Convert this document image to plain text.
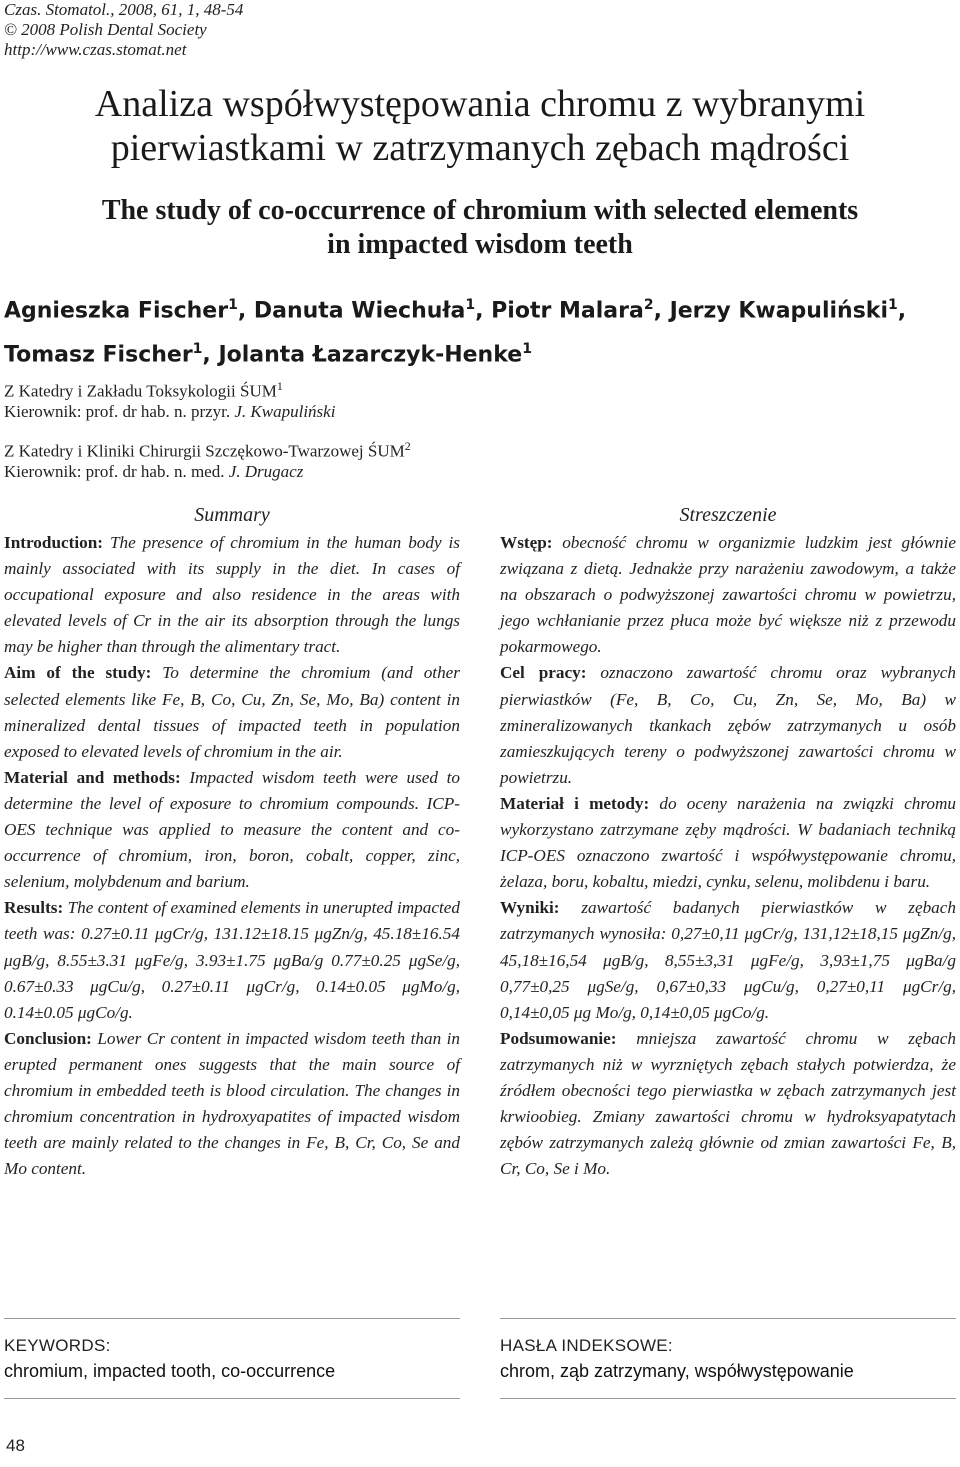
Czas. Stomatol., 2008, 61, 1, 48-54
© 2008 Polish Dental Society
http://www.czas.stomat.net
Analiza współwystępowania chromu z wybranymi
pierwiastkami w zatrzymanych zębach mądrości
The study of co-occurrence of chromium with selected elements
in impacted wisdom teeth
Agnieszka Fischer$^1$, Danuta Wiechuła$^1$, Piotr Malara$^2$, Jerzy Kwapuliński$^1$,
Tomasz Fischer$^1$, Jolanta Łazarczyk-Henke$^1$
Z Katedry i Zakładu Toksykologii ŚUM$^1$
Kierownik: prof. dr hab. n. przyr. J. Kwapuliński
Z Katedry i Kliniki Chirurgii Szczękowo-Twarzowej ŚUM$^2$
Kierownik: prof. dr hab. n. med. J. Drugacz
Summary

Introduction: The presence of chromium in the human body is mainly associated with its supply in the diet. In cases of occupational exposure and also residence in the areas with elevated levels of Cr in the air its absorption through the lungs may be higher than through the alimentary tract.

Aim of the study: To determine the chromium (and other selected elements like Fe, B, Co, Cu, Zn, Se, Mo, Ba) content in mineralized dental tissues of impacted teeth in population exposed to elevated levels of chromium in the air.

Material and methods: Impacted wisdom teeth were used to determine the level of exposure to chromium compounds. ICP-OES technique was applied to measure the content and co-occurrence of chromium, iron, boron, cobalt, copper, zinc, selenium, molybdenum and barium.

Results: The content of examined elements in unerupted impacted teeth was: 0.27±0.11 μgCr/g, 131.12±18.15 μgZn/g, 45.18±16.54 μgB/g, 8.55±3.31 μgFe/g, 3.93±1.75 μgBa/g 0.77±0.25 μgSe/g, 0.67±0.33 μgCu/g, 0.27±0.11 μgCr/g, 0.14±0.05 μgMo/g, 0.14±0.05 μgCo/g.

Conclusion: Lower Cr content in impacted wisdom teeth than in erupted permanent ones suggests that the main source of chromium in embedded teeth is blood circulation. The changes in chromium concentration in hydroxyapatites of impacted wisdom teeth are mainly related to the changes in Fe, B, Cr, Co, Se and Mo content.

Streszczenie

Wstęp: obecność chromu w organizmie ludzkim jest głównie związana z dietą. Jednakże przy narażeniu zawodowym, a także na obszarach o podwyższonej zawartości chromu w powietrzu, jego wchłanianie przez płuca może być większe niż z przewodu pokarmowego.

Cel pracy: oznaczono zawartość chromu oraz wybranych pierwiastków (Fe, B, Co, Cu, Zn, Se, Mo, Ba) w zmineralizowanych tkankach zębów zatrzymanych u osób zamieszkujących tereny o podwyższonej zawartości chromu w powietrzu.

Materiał i metody: do oceny narażenia na związki chromu wykorzystano zatrzymane zęby mądrości. W badaniach techniką ICP-OES oznaczono zwartość i współwystępowanie chromu, żelaza, boru, kobaltu, miedzi, cynku, selenu, molibdenu i baru.

Wyniki: zawartość badanych pierwiastków w zębach zatrzymanych wynosiła: 0,27±0,11 μgCr/g, 131,12±18,15 μgZn/g, 45,18±16,54 μgB/g, 8,55±3,31 μgFe/g, 3,93±1,75 μgBa/g 0,77±0,25 μgSe/g, 0,67±0,33 μgCu/g, 0,27±0,11 μgCr/g, 0,14±0,05 μg Mo/g, 0,14±0,05 μgCo/g.

Podsumowanie: mniejsza zawartość chromu w zębach zatrzymanych niż w wyrzniętych zębach stałych potwierdza, że źródłem obecności tego pierwiastka w zębach zatrzymanych jest krwioobieg. Zmiany zawartości chromu w hydroksyapatytach zębów zatrzymanych zależą głównie od zmian zawartości Fe, B, Cr, Co, Se i Mo.

KEYWORDS:
chromium, impacted tooth, co-occurrence
HASŁA INDEKSOWE:
chrom, ząb zatrzymany, współwystępowanie
48
